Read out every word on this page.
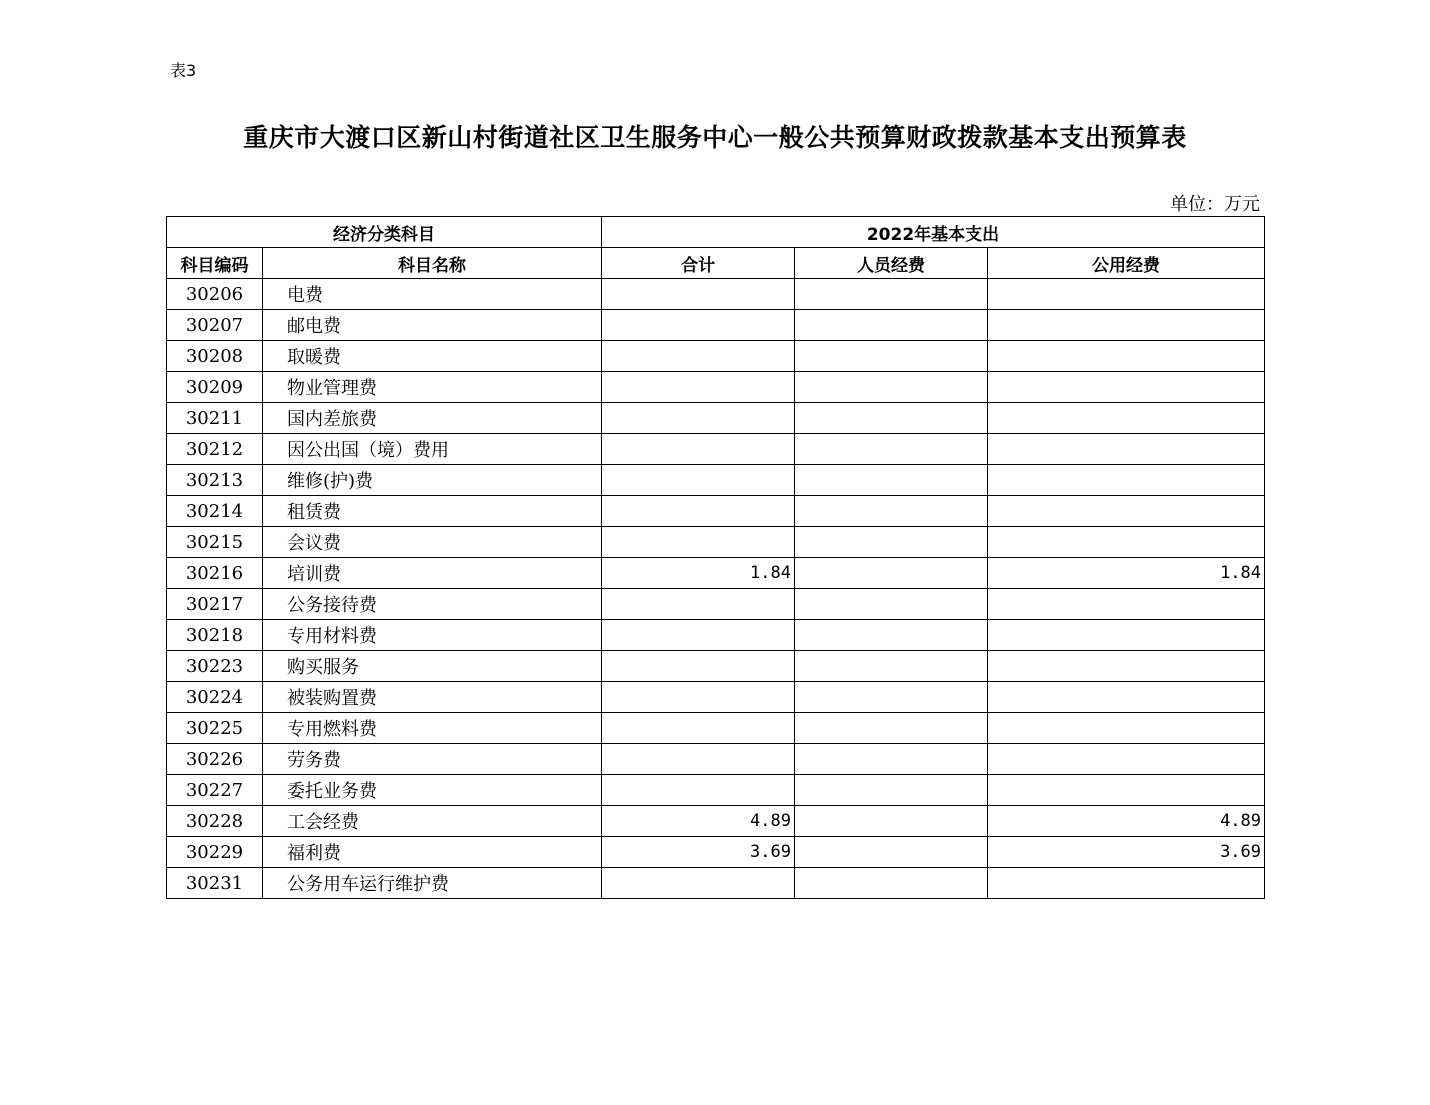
表3
重庆市大渡口区新山村街道社区卫生服务中心一般公共预算财政拨款基本支出预算表
单位：万元
经济分类科目		2022年基本支出		
科目编码	科目名称	合计	人员经费	公用经费
30206	电费			
30207	邮电费			
30208	取暖费			
30209	物业管理费			
30211	国内差旅费			
30212	因公出国（境）费用			
30213	维修(护)费			
30214	租赁费			
30215	会议费			
30216	培训费	1.84		1.84
30217	公务接待费			
30218	专用材料费			
30223	购买服务			
30224	被装购置费			
30225	专用燃料费			
30226	劳务费			
30227	委托业务费			
30228	工会经费	4.89		4.89
30229	福利费	3.69		3.69
30231	公务用车运行维护费			
